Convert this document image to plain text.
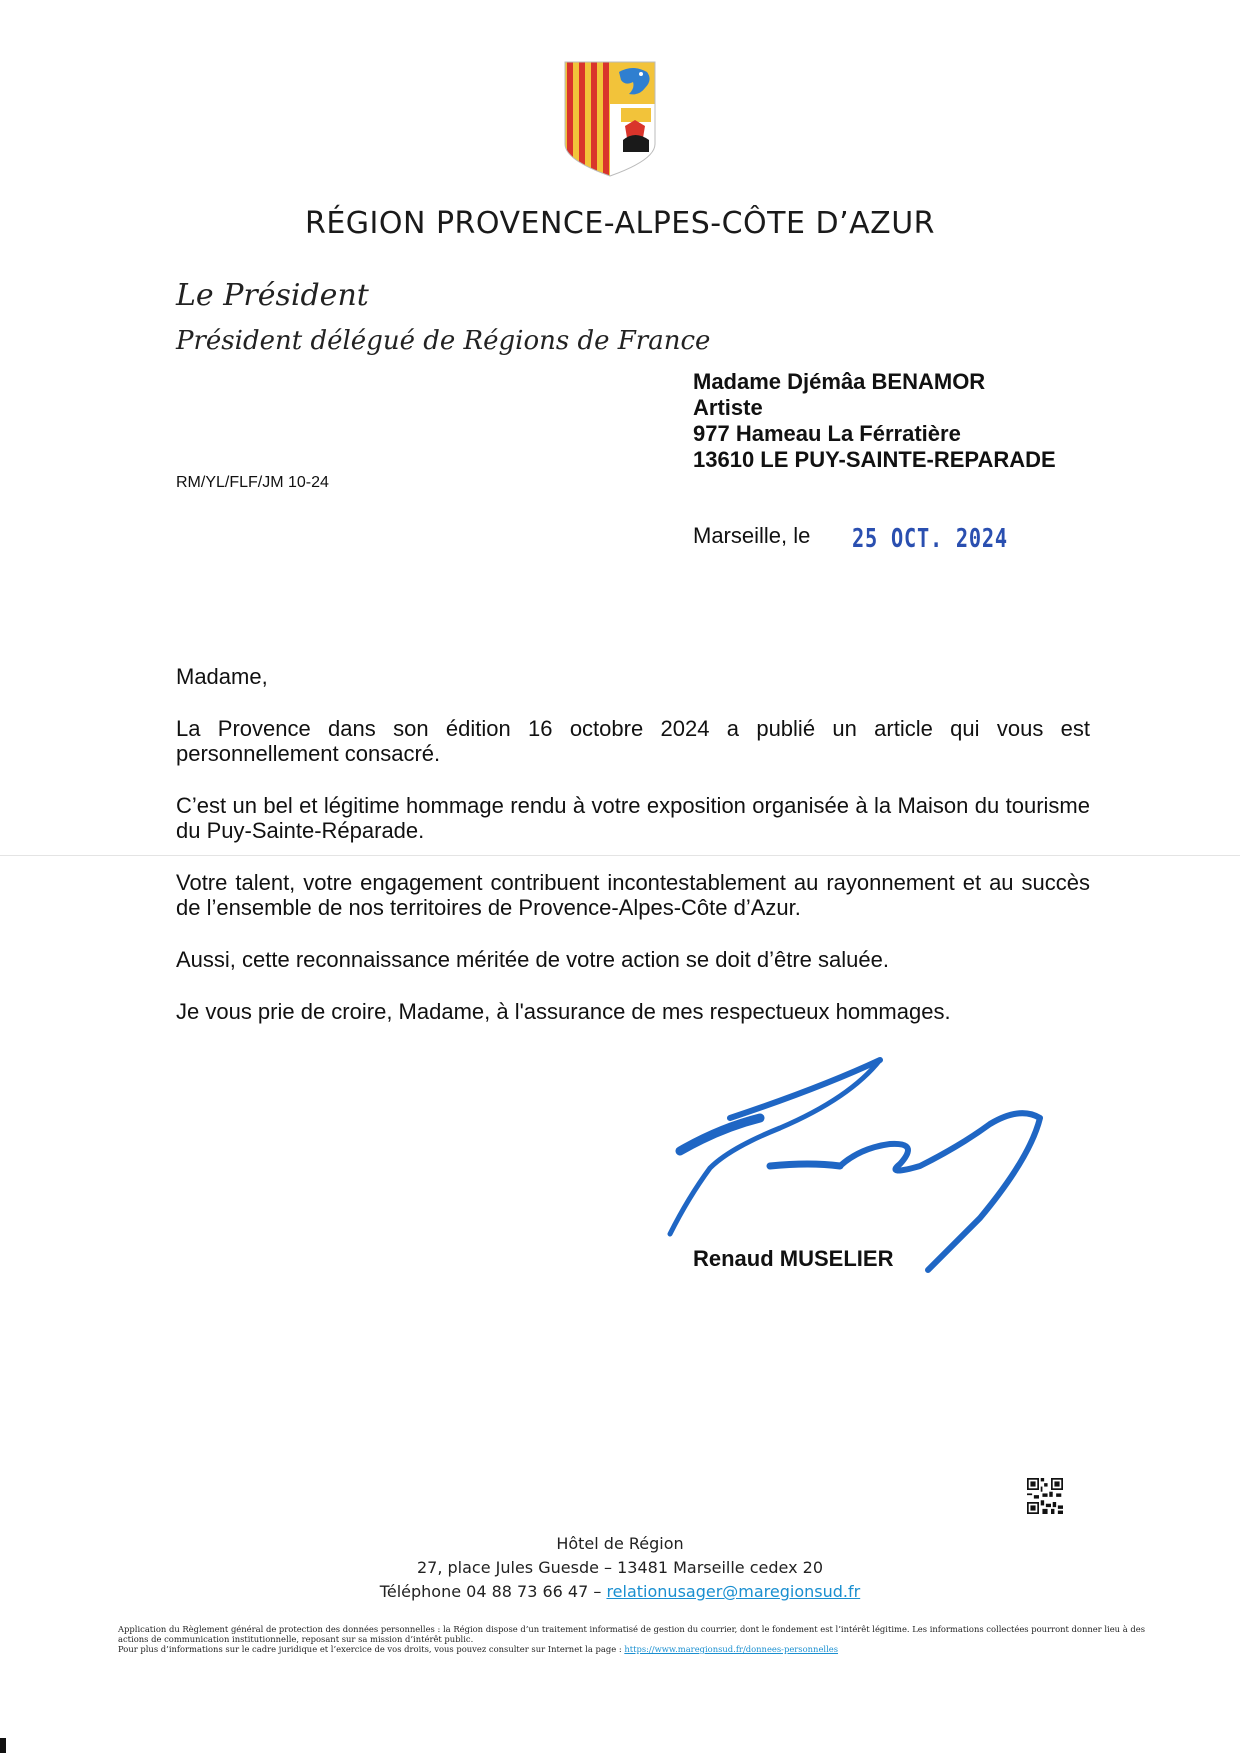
RÉGION PROVENCE-ALPES-CÔTE D’AZUR
Le Président
Président délégué de Régions de France
Madame Djémâa BENAMOR
Artiste
977 Hameau La Férratière
13610 LE PUY-SAINTE-REPARADE
RM/YL/FLF/JM 10-24
Marseille, le 25 OCT. 2024

Madame,

La Provence dans son édition 16 octobre 2024 a publié un article qui vous est personnellement consacré.

C’est un bel et légitime hommage rendu à votre exposition organisée à la Maison du tourisme du Puy-Sainte-Réparade.

Votre talent, votre engagement contribuent incontestablement au rayonnement et au succès de l’ensemble de nos territoires de Provence-Alpes-Côte d’Azur.

Aussi, cette reconnaissance méritée de votre action se doit d’être saluée.

Je vous prie de croire, Madame, à l'assurance de mes respectueux hommages.

Renaud MUSELIER
Hôtel de Région
27, place Jules Guesde – 13481 Marseille cedex 20
Téléphone 04 88 73 66 47 – relationusager@maregionsud.fr
Application du Règlement général de protection des données personnelles : la Région dispose d’un traitement informatisé de gestion du courrier, dont le fondement est l’intérêt légitime. Les informations collectées pourront donner lieu à des actions de communication institutionnelle, reposant sur sa mission d’intérêt public.
Pour plus d’informations sur le cadre juridique et l’exercice de vos droits, vous pouvez consulter sur Internet la page : https://www.maregionsud.fr/donnees-personnelles
